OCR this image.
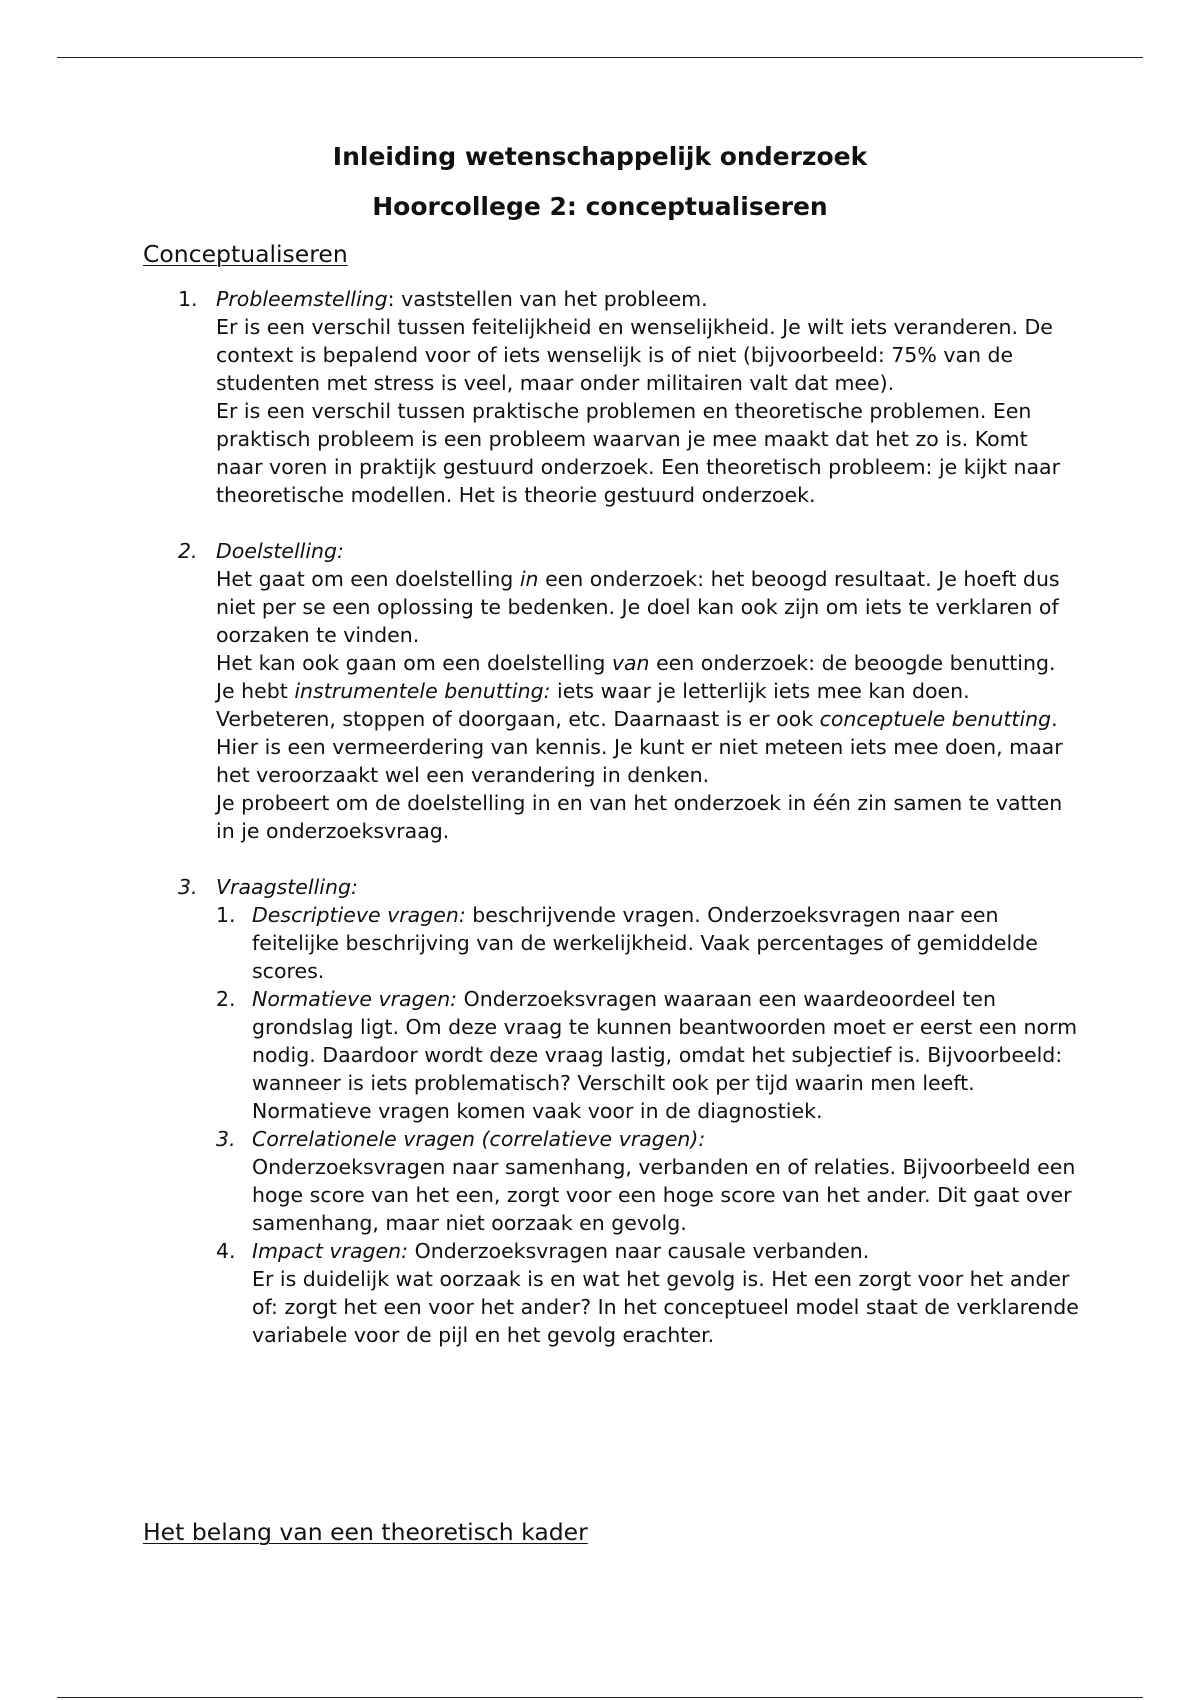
Inleiding wetenschappelijk onderzoek
Hoorcollege 2: conceptualiseren
Conceptualiseren
1. Probleemstelling: vaststellen van het probleem.

Er is een verschil tussen feitelijkheid en wenselijkheid. Je wilt iets veranderen. De context is bepalend voor of iets wenselijk is of niet (bijvoorbeeld: 75% van de studenten met stress is veel, maar onder militairen valt dat mee).

Er is een verschil tussen praktische problemen en theoretische problemen. Een praktisch probleem is een probleem waarvan je mee maakt dat het zo is. Komt naar voren in praktijk gestuurd onderzoek. Een theoretisch probleem: je kijkt naar theoretische modellen. Het is theorie gestuurd onderzoek.

2. Doelstelling:

Het gaat om een doelstelling in een onderzoek: het beoogd resultaat. Je hoeft dus niet per se een oplossing te bedenken. Je doel kan ook zijn om iets te verklaren of oorzaken te vinden.

Het kan ook gaan om een doelstelling van een onderzoek: de beoogde benutting. Je hebt instrumentele benutting: iets waar je letterlijk iets mee kan doen. Verbeteren, stoppen of doorgaan, etc. Daarnaast is er ook conceptuele benutting. Hier is een vermeerdering van kennis. Je kunt er niet meteen iets mee doen, maar het veroorzaakt wel een verandering in denken.

Je probeert om de doelstelling in en van het onderzoek in één zin samen te vatten in je onderzoeksvraag.

3. Vraagstelling:

1. Descriptieve vragen: beschrijvende vragen. Onderzoeksvragen naar een feitelijke beschrijving van de werkelijkheid. Vaak percentages of gemiddelde scores.

2. Normatieve vragen: Onderzoeksvragen waaraan een waardeoordeel ten grondslag ligt. Om deze vraag te kunnen beantwoorden moet er eerst een norm nodig. Daardoor wordt deze vraag lastig, omdat het subjectief is. Bijvoorbeeld: wanneer is iets problematisch? Verschilt ook per tijd waarin men leeft. Normatieve vragen komen vaak voor in de diagnostiek.

3. Correlationele vragen (correlatieve vragen):

Onderzoeksvragen naar samenhang, verbanden en of relaties. Bijvoorbeeld een hoge score van het een, zorgt voor een hoge score van het ander. Dit gaat over samenhang, maar niet oorzaak en gevolg.

4. Impact vragen: Onderzoeksvragen naar causale verbanden.

Er is duidelijk wat oorzaak is en wat het gevolg is. Het een zorgt voor het ander of: zorgt het een voor het ander? In het conceptueel model staat de verklarende variabele voor de pijl en het gevolg erachter.

Het belang van een theoretisch kader
